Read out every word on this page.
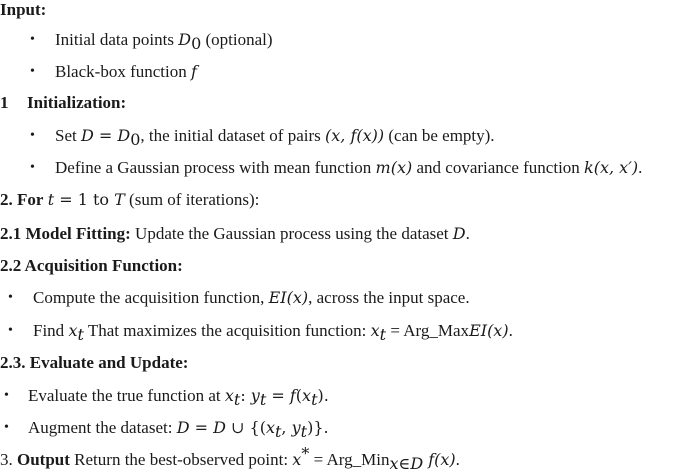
Input:
• Initial data points $D_0$ (optional)
• Black-box function f
1 Initialization:
• Set $D = D_0$, the initial dataset of pairs (x, f(x)) (can be empty).
• Define a Gaussian process with mean function m(x) and covariance function k(x, x′).
2. For t = 1 to T (sum of iterations):
2.1 Model Fitting: Update the Gaussian process using the dataset D.
2.2 Acquisition Function:
• Compute the acquisition function, EI(x), across the input space.
• Find $x_t$ That maximizes the acquisition function: $x_t$ = Arg_MaxEI(x).
2.3. Evaluate and Update:
• Evaluate the true function at $x_t$: $y_t = f(x_t)$.
• Augment the dataset: D = D ∪ {($x_t$, $y_t$)}.
3. Output Return the best-observed point: x* = Arg_Min$_{x\in D}$ f(x).
